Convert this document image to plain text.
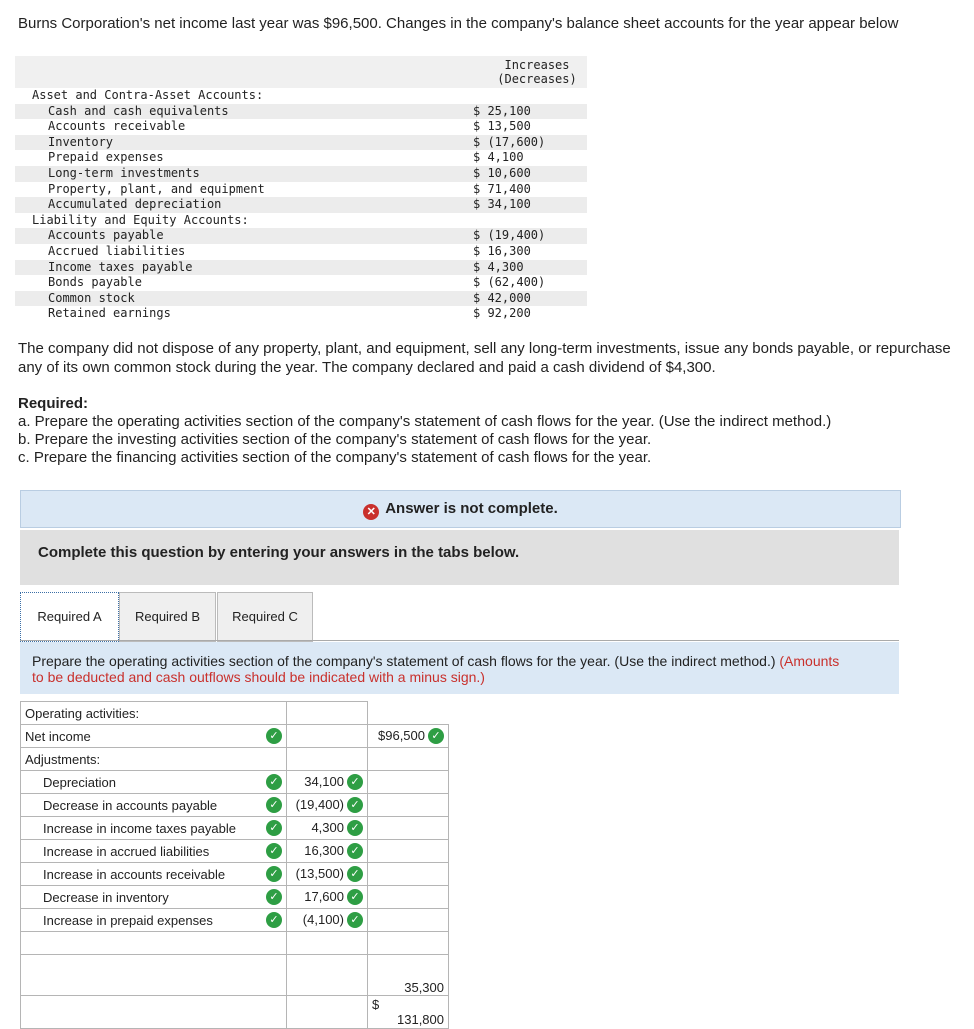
Burns Corporation's net income last year was $96,500. Changes in the company's balance sheet accounts for the year appear below
Increases
(Decreases)
Asset and Contra-Asset Accounts:
Cash and cash equivalents	$ 25,100
Accounts receivable	$ 13,500
Inventory	$ (17,600)
Prepaid expenses	$ 4,100
Long-term investments	$ 10,600
Property, plant, and equipment	$ 71,400
Accumulated depreciation	$ 34,100
Liability and Equity Accounts:
Accounts payable	$ (19,400)
Accrued liabilities	$ 16,300
Income taxes payable	$ 4,300
Bonds payable	$ (62,400)
Common stock	$ 42,000
Retained earnings	$ 92,200
The company did not dispose of any property, plant, and equipment, sell any long-term investments, issue any bonds payable, or repurchase any of its own common stock during the year. The company declared and paid a cash dividend of $4,300.
Required:
a. Prepare the operating activities section of the company's statement of cash flows for the year. (Use the indirect method.)
b. Prepare the investing activities section of the company's statement of cash flows for the year.
c. Prepare the financing activities section of the company's statement of cash flows for the year.
✕ Answer is not complete.
Complete this question by entering your answers in the tabs below.
Required A	Required B	Required C
Prepare the operating activities section of the company's statement of cash flows for the year. (Use the indirect method.) (Amounts to be deducted and cash outflows should be indicated with a minus sign.)
Operating activities:		

Net income ✓		$96,500 ✓
Adjustments:		

Depreciation ✓	34,100 ✓	

Decrease in accounts payable ✓	(19,400) ✓	

Increase in income taxes payable ✓	4,300 ✓	

Increase in accrued liabilities ✓	16,300 ✓	

Increase in accounts receivable ✓	(13,500) ✓	

Decrease in inventory ✓	17,600 ✓	

Increase in prepaid expenses ✓	(4,100) ✓	

		35,300

		$
131,800
